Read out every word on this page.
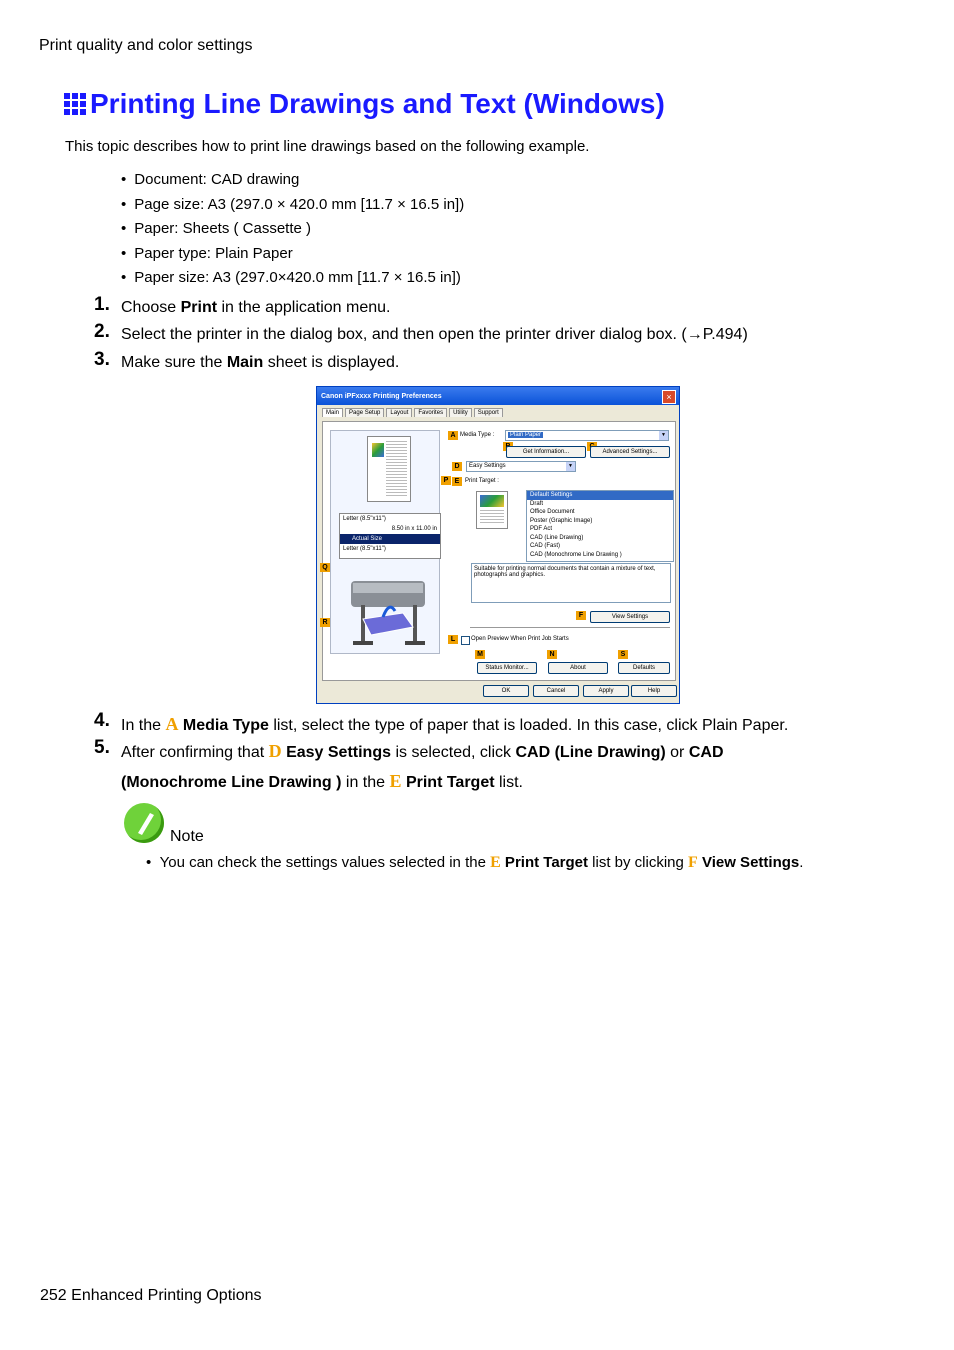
Print quality and color settings
Printing Line Drawings and Text (Windows)
This topic describes how to print line drawings based on the following example.
• Document: CAD drawing
• Page size: A3 (297.0 × 420.0 mm [11.7 × 16.5 in])
• Paper: Sheets ( Cassette )
• Paper type: Plain Paper
• Paper size: A3 (297.0×420.0 mm [11.7 × 16.5 in])
1. Choose Print in the application menu.
2. Select the printer in the dialog box, and then open the printer driver dialog box. (→P.494)
3. Make sure the Main sheet is displayed.
Canon iPFxxxx Printing Preferences	×
Main	Page Setup	Layout	Favorites	Utility	Support
Letter (8.5"x11")
8.50 in x 11.00 in
Actual Size
Letter (8.5"x11")
P
Q
R
A Media Type :	Plain Paper	▼
Get Information...	Advanced Settings...
D	Easy Settings	▼
E Print Target :
Default Settings
Draft
Office Document
Poster (Graphic Image)
PDF Act
CAD (Line Drawing)
CAD (Fast)
CAD (Monochrome Line Drawing )
Suitable for printing normal documents that contain a mixture of text, photographs and graphics.
F	View Settings
L	Open Preview When Print Job Starts
M	N	S
Status Monitor...	About	Defaults
OK	Cancel	Apply	Help
4. In the A Media Type list, select the type of paper that is loaded. In this case, click Plain Paper.
5. After confirming that D Easy Settings is selected, click CAD (Line Drawing) or CAD
(Monochrome Line Drawing ) in the E Print Target list.
Note
•  You can check the settings values selected in the E Print Target list by clicking F View Settings.
252 Enhanced Printing Options
